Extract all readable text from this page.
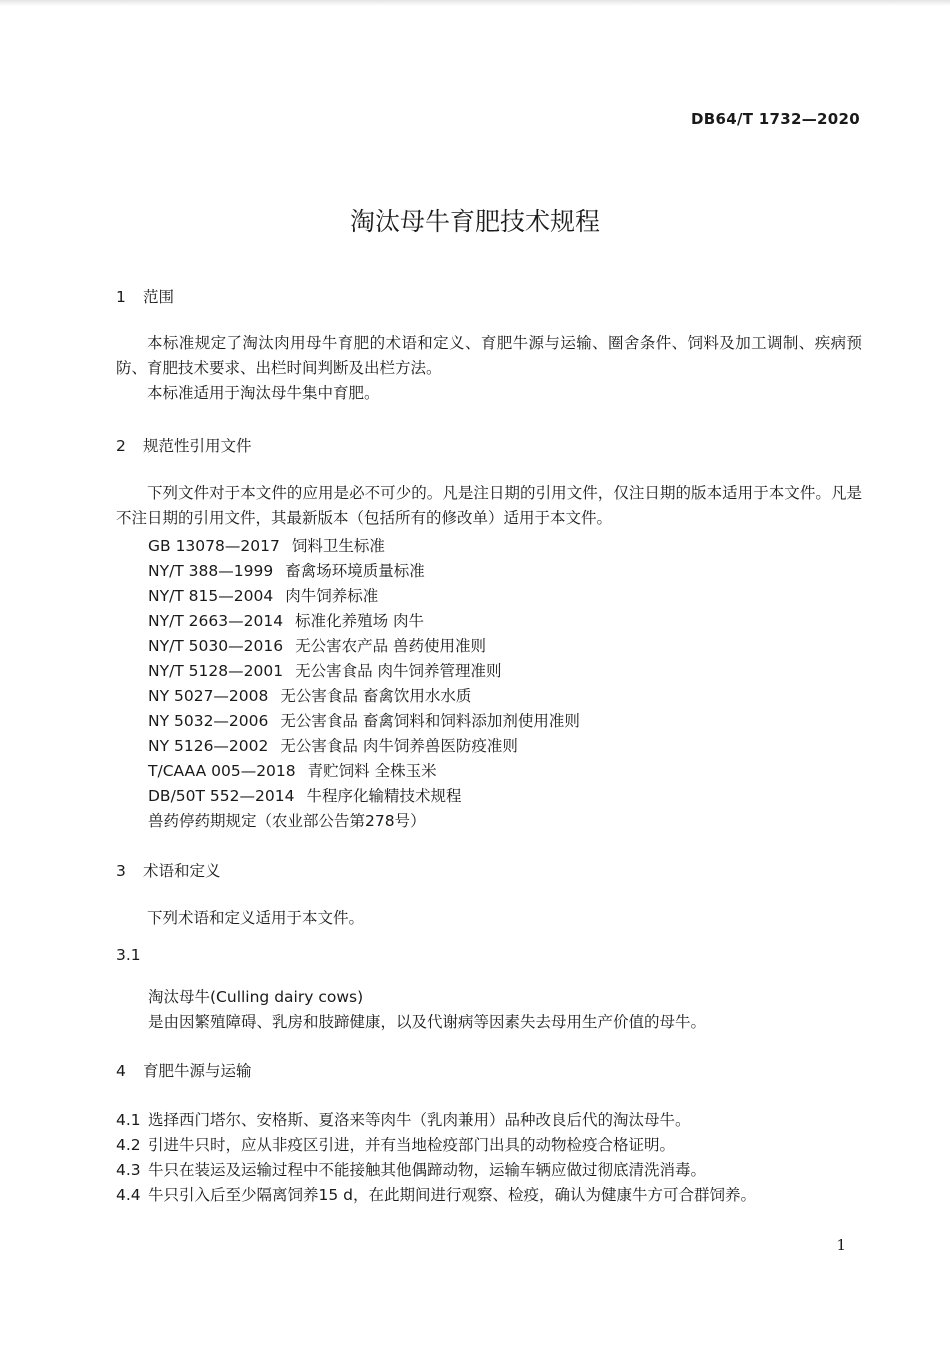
DB64/T 1732—2020
淘汰母牛育肥技术规程
1 范围

本标准规定了淘汰肉用母牛育肥的术语和定义、育肥牛源与运输、圈舍条件、饲料及加工调制、疾病预防、育肥技术要求、出栏时间判断及出栏方法。

本标准适用于淘汰母牛集中育肥。

2 规范性引用文件

下列文件对于本文件的应用是必不可少的。凡是注日期的引用文件，仅注日期的版本适用于本文件。凡是不注日期的引用文件，其最新版本（包括所有的修改单）适用于本文件。

GB 13078—2017 饲料卫生标准
NY/T 388—1999 畜禽场环境质量标准
NY/T 815—2004 肉牛饲养标准
NY/T 2663—2014 标准化养殖场 肉牛
NY/T 5030—2016 无公害农产品 兽药使用准则
NY/T 5128—2001 无公害食品 肉牛饲养管理准则
NY 5027—2008 无公害食品 畜禽饮用水水质
NY 5032—2006 无公害食品 畜禽饲料和饲料添加剂使用准则
NY 5126—2002 无公害食品 肉牛饲养兽医防疫准则
T/CAAA 005—2018 青贮饲料 全株玉米
DB/50T 552—2014 牛程序化输精技术规程
兽药停药期规定（农业部公告第278号）
3 术语和定义

下列术语和定义适用于本文件。

3.1
淘汰母牛(Culling dairy cows)
是由因繁殖障碍、乳房和肢蹄健康，以及代谢病等因素失去母用生产价值的母牛。
4 育肥牛源与运输
4.1 选择西门塔尔、安格斯、夏洛来等肉牛（乳肉兼用）品种改良后代的淘汰母牛。
4.2 引进牛只时，应从非疫区引进，并有当地检疫部门出具的动物检疫合格证明。
4.3 牛只在装运及运输过程中不能接触其他偶蹄动物，运输车辆应做过彻底清洗消毒。
4.4 牛只引入后至少隔离饲养15 d，在此期间进行观察、检疫，确认为健康牛方可合群饲养。
1
